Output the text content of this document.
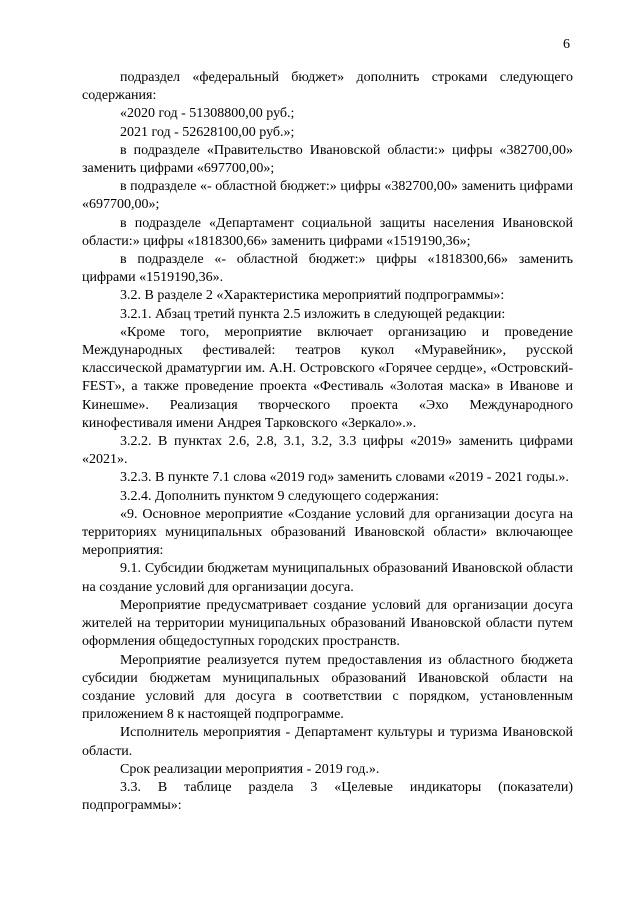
6

подраздел «федеральный бюджет» дополнить строками следующего содержания:

«2020 год - 51308800,00 руб.;

2021 год - 52628100,00 руб.»;

в подразделе «Правительство Ивановской области:» цифры «382700,00» заменить цифрами «697700,00»;

в подразделе «- областной бюджет:» цифры «382700,00» заменить цифрами «697700,00»;

в подразделе «Департамент социальной защиты населения Ивановской области:» цифры «1818300,66» заменить цифрами «1519190,36»;

в подразделе «- областной бюджет:» цифры «1818300,66» заменить цифрами «1519190,36».

3.2. В разделе 2 «Характеристика мероприятий подпрограммы»:

3.2.1. Абзац третий пункта 2.5 изложить в следующей редакции:

«Кроме того, мероприятие включает организацию и проведение Международных фестивалей: театров кукол «Муравейник», русской классической драматургии им. А.Н. Островского «Горячее сердце», «Островский-FEST», а также проведение проекта «Фестиваль «Золотая маска» в Иванове и Кинешме». Реализация творческого проекта «Эхо Международного кинофестиваля имени Андрея Тарковского «Зеркало».».

3.2.2. В пунктах 2.6, 2.8, 3.1, 3.2, 3.3 цифры «2019» заменить цифрами «2021».

3.2.3. В пункте 7.1 слова «2019 год» заменить словами «2019 - 2021 годы.».

3.2.4. Дополнить пунктом 9 следующего содержания:

«9. Основное мероприятие «Создание условий для организации досуга на территориях муниципальных образований Ивановской области» включающее мероприятия:

9.1. Субсидии бюджетам муниципальных образований Ивановской области на создание условий для организации досуга.

Мероприятие предусматривает создание условий для организации досуга жителей на территории муниципальных образований Ивановской области путем оформления общедоступных городских пространств.

Мероприятие реализуется путем предоставления из областного бюджета субсидии бюджетам муниципальных образований Ивановской области на создание условий для досуга в соответствии с порядком, установленным приложением 8 к настоящей подпрограмме.

Исполнитель мероприятия - Департамент культуры и туризма Ивановской области.

Срок реализации мероприятия - 2019 год.».

3.3. В таблице раздела 3 «Целевые индикаторы (показатели) подпрограммы»:
